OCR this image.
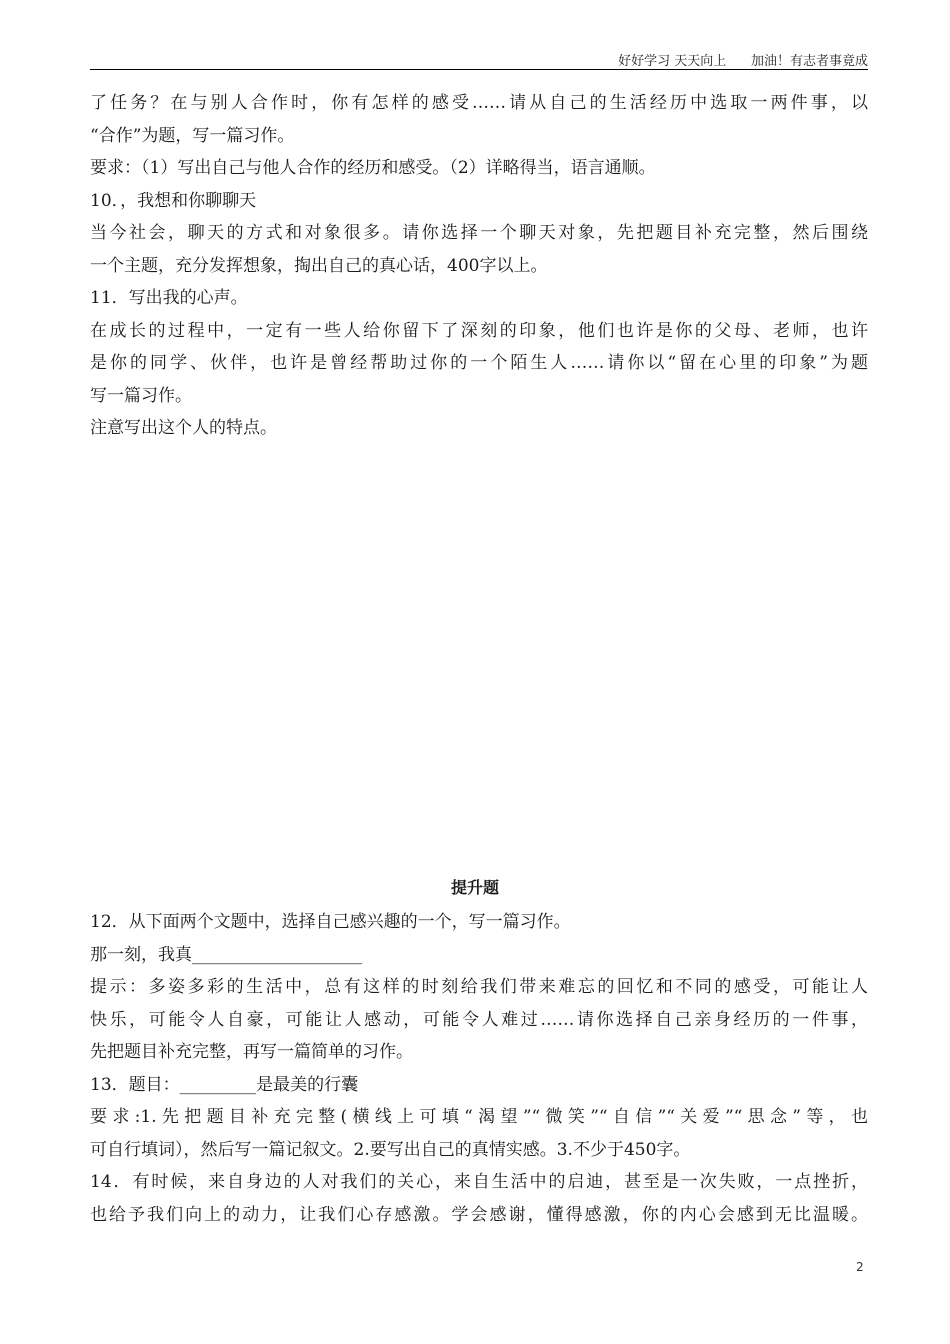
好好学习 天天向上      加油！有志者事竟成
了任务？在与别人合作时，你有怎样的感受……请从自己的生活经历中选取一两件事，以
“合作”为题，写一篇习作。
要求：（1）写出自己与他人合作的经历和感受。（2）详略得当，语言通顺。
10．，我想和你聊聊天
当今社会，聊天的方式和对象很多。请你选择一个聊天对象，先把题目补充完整，然后围绕
一个主题，充分发挥想象，掏出自己的真心话，400字以上。
11．写出我的心声。
在成长的过程中，一定有一些人给你留下了深刻的印象，他们也许是你的父母、老师，也许
是你的同学、伙伴，也许是曾经帮助过你的一个陌生人……请你以“留在心里的印象”为题
写一篇习作。
注意写出这个人的特点。
提升题
12．从下面两个文题中，选择自己感兴趣的一个，写一篇习作。
那一刻，我真____________________
提示：多姿多彩的生活中，总有这样的时刻给我们带来难忘的回忆和不同的感受，可能让人
快乐，可能令人自豪，可能让人感动，可能令人难过……请你选择自己亲身经历的一件事，
先把题目补充完整，再写一篇简单的习作。
13．题目：_________是最美的行囊
要求:1.先把题目补充完整(横线上可填“渴望”“微笑”“自信”“关爱”“思念”等，也
可自行填词），然后写一篇记叙文。2.要写出自己的真情实感。3.不少于450字。
14．有时候，来自身边的人对我们的关心，来自生活中的启迪，甚至是一次失败，一点挫折，
也给予我们向上的动力，让我们心存感激。学会感谢，懂得感激，你的内心会感到无比温暖。
2
